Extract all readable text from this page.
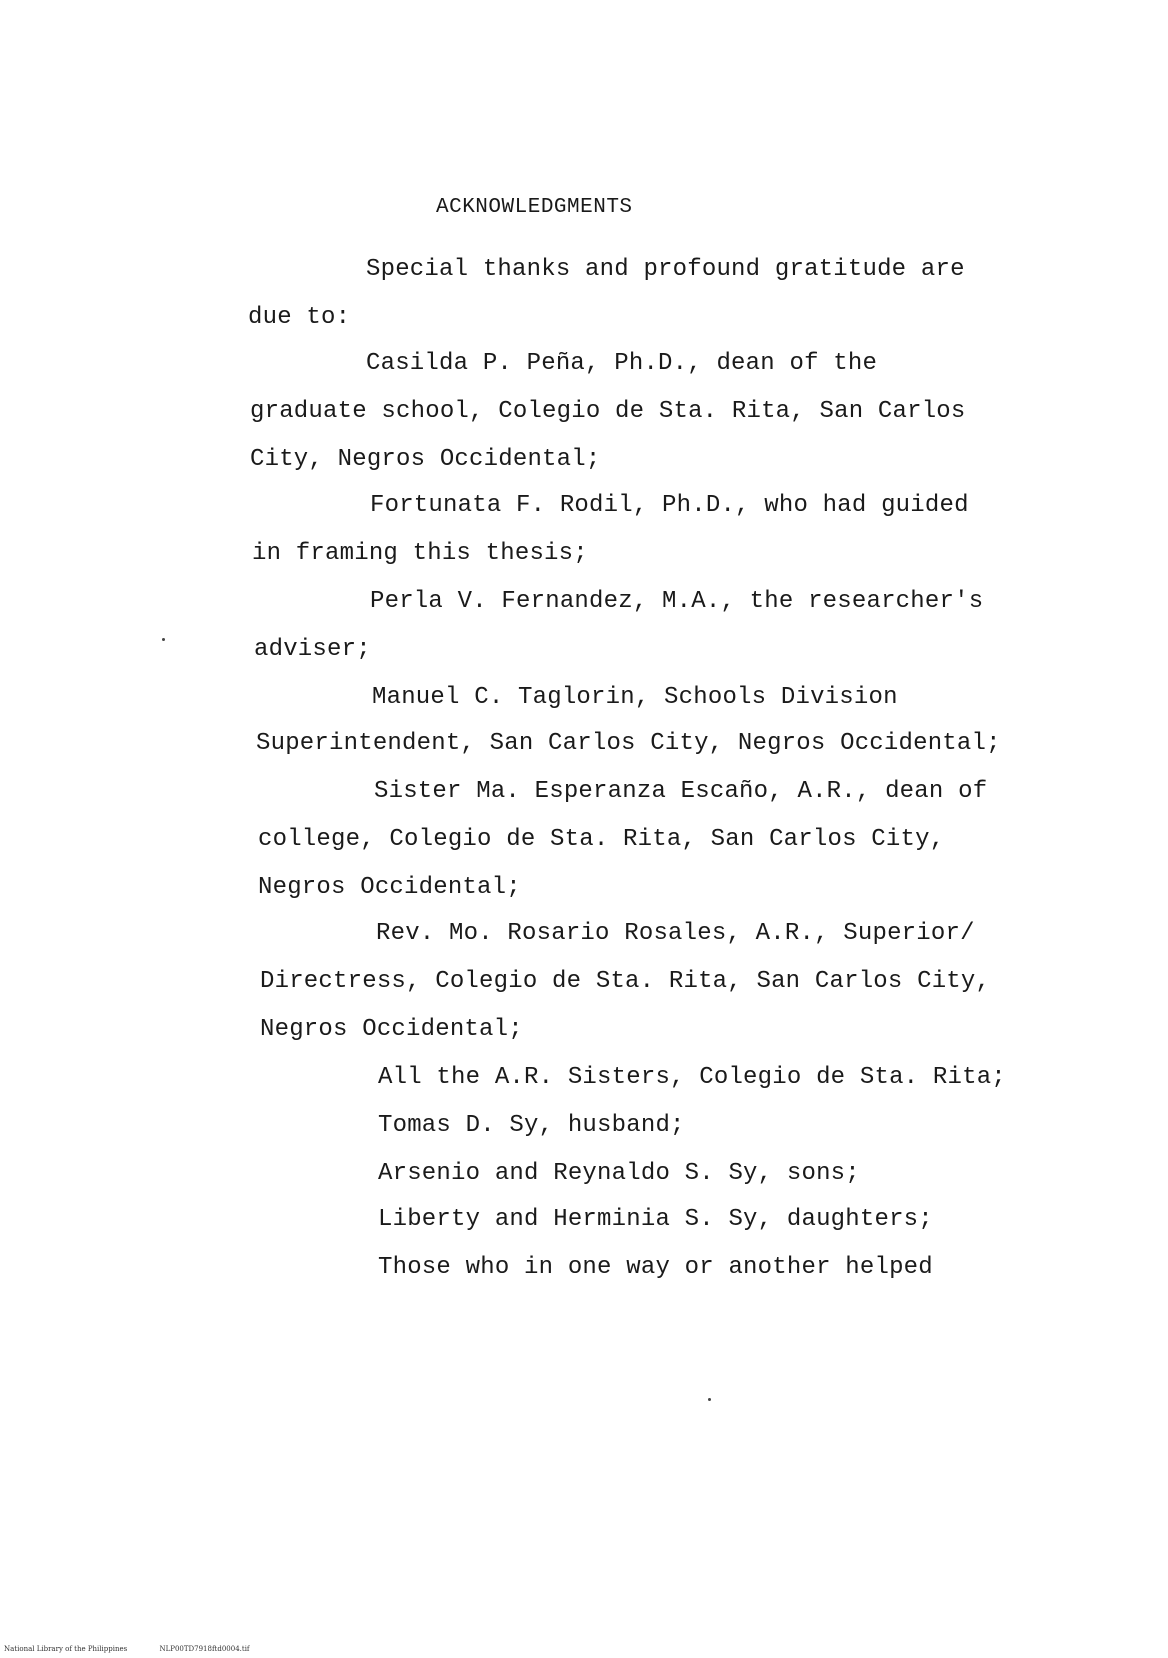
ACKNOWLEDGMENTS
Special thanks and profound gratitude are
due to:
Casilda P. Peña, Ph.D., dean of the
graduate school, Colegio de Sta. Rita, San Carlos
City, Negros Occidental;
Fortunata F. Rodil, Ph.D., who had guided
in framing this thesis;
Perla V. Fernandez, M.A., the researcher's
adviser;
Manuel C. Taglorin, Schools Division
Superintendent, San Carlos City, Negros Occidental;
Sister Ma. Esperanza Escaño, A.R., dean of
college, Colegio de Sta. Rita, San Carlos City,
Negros Occidental;
Rev. Mo. Rosario Rosales, A.R., Superior/
Directress, Colegio de Sta. Rita, San Carlos City,
Negros Occidental;
All the A.R. Sisters, Colegio de Sta. Rita;
Tomas D. Sy, husband;
Arsenio and Reynaldo S. Sy, sons;
Liberty and Herminia S. Sy, daughters;
Those who in one way or another helped
National Library of the Philippines	NLP00TD7918ftd0004.tif
